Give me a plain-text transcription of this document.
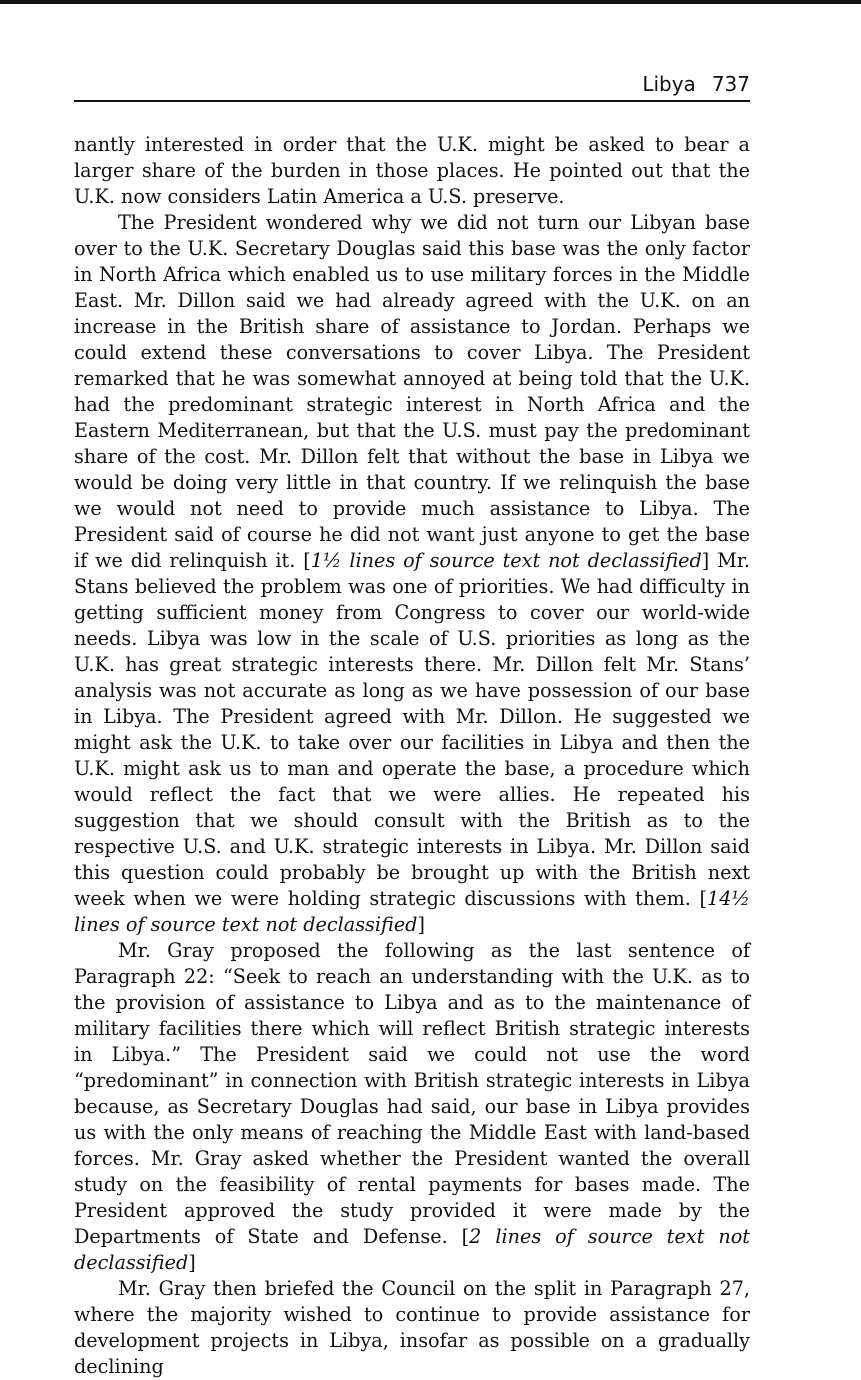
Libya 737

nantly interested in order that the U.K. might be asked to bear a larger share of the burden in those places. He pointed out that the U.K. now considers Latin America a U.S. preserve.

The President wondered why we did not turn our Libyan base over to the U.K. Secretary Douglas said this base was the only factor in North Africa which enabled us to use military forces in the Middle East. Mr. Dillon said we had already agreed with the U.K. on an increase in the British share of assistance to Jordan. Perhaps we could extend these conversations to cover Libya. The President remarked that he was somewhat annoyed at being told that the U.K. had the predominant strategic interest in North Africa and the Eastern Mediterranean, but that the U.S. must pay the predominant share of the cost. Mr. Dillon felt that without the base in Libya we would be doing very little in that country. If we relinquish the base we would not need to provide much assistance to Libya. The President said of course he did not want just anyone to get the base if we did relinquish it. [1½ lines of source text not declassified] Mr. Stans believed the problem was one of priorities. We had difficulty in getting sufficient money from Congress to cover our world-wide needs. Libya was low in the scale of U.S. priorities as long as the U.K. has great strategic interests there. Mr. Dillon felt Mr. Stans’ analysis was not accurate as long as we have possession of our base in Libya. The President agreed with Mr. Dillon. He suggested we might ask the U.K. to take over our facilities in Libya and then the U.K. might ask us to man and operate the base, a procedure which would reflect the fact that we were allies. He repeated his suggestion that we should consult with the British as to the respective U.S. and U.K. strategic interests in Libya. Mr. Dillon said this question could probably be brought up with the British next week when we were holding strategic discussions with them. [14½ lines of source text not declassified]

Mr. Gray proposed the following as the last sentence of Paragraph 22: “Seek to reach an understanding with the U.K. as to the provision of assistance to Libya and as to the maintenance of military facilities there which will reflect British strategic interests in Libya.” The President said we could not use the word “predominant” in connection with British strategic interests in Libya because, as Secretary Douglas had said, our base in Libya provides us with the only means of reaching the Middle East with land-based forces. Mr. Gray asked whether the President wanted the overall study on the feasibility of rental payments for bases made. The President approved the study provided it were made by the Departments of State and Defense. [2 lines of source text not declassified]

Mr. Gray then briefed the Council on the split in Paragraph 27, where the majority wished to continue to provide assistance for development projects in Libya, insofar as possible on a gradually declining
